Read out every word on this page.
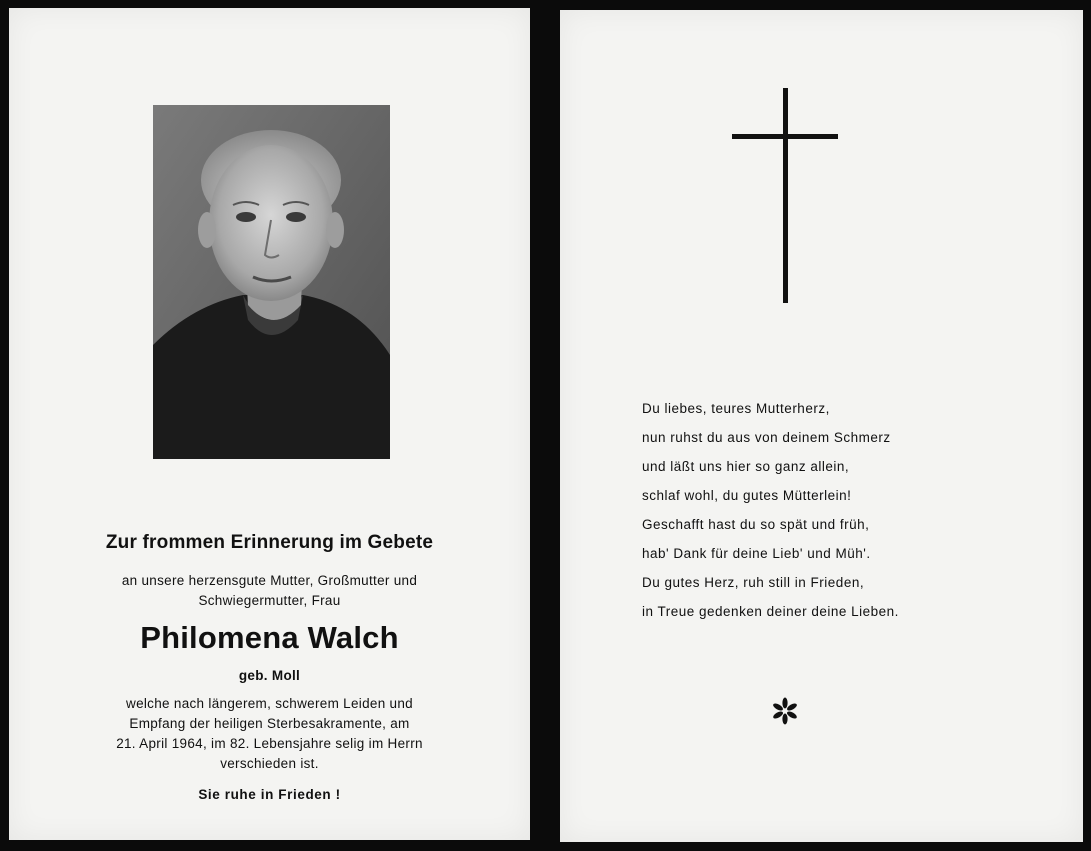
Zur frommen Erinnerung im Gebete
an unsere herzensgute Mutter, Großmutter und
Schwiegermutter, Frau
Philomena Walch
geb. Moll
welche nach längerem, schwerem Leiden und
Empfang der heiligen Sterbesakramente, am
21. April 1964, im 82. Lebensjahre selig im Herrn
verschieden ist.
Sie ruhe in Frieden !
Du liebes, teures Mutterherz,
nun ruhst du aus von deinem Schmerz
und läßt uns hier so ganz allein,
schlaf wohl, du gutes Mütterlein!
Geschafft hast du so spät und früh,
hab' Dank für deine Lieb' und Müh'.
Du gutes Herz, ruh still in Frieden,
in Treue gedenken deiner deine Lieben.
